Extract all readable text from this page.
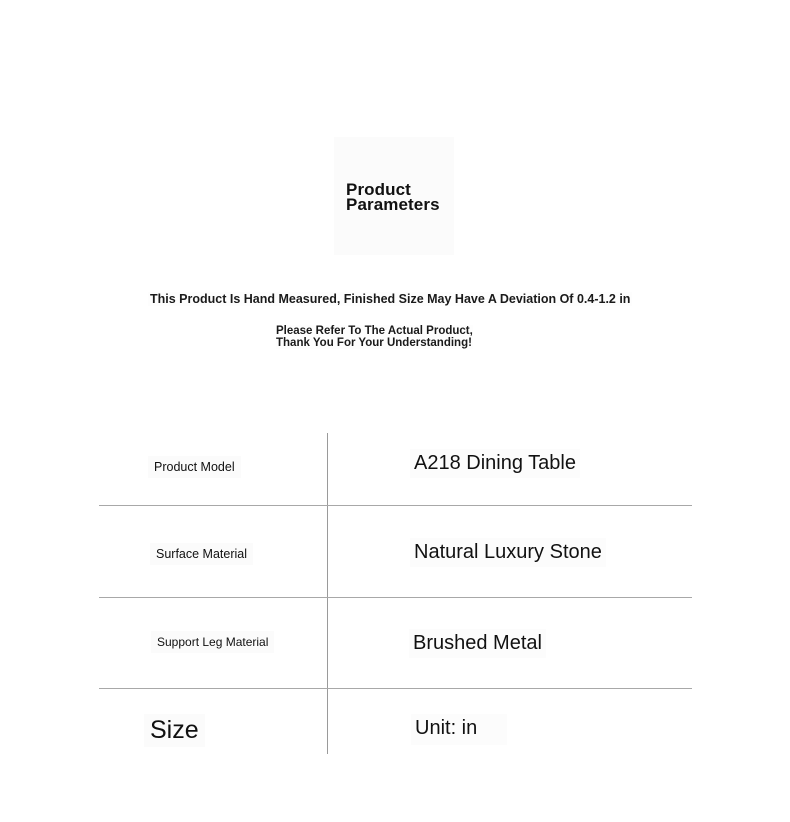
Product
Parameters
This Product Is Hand Measured, Finished Size May Have A Deviation Of 0.4-1.2 in
Please Refer To The Actual Product,
Thank You For Your Understanding!
Product Model	A218 Dining Table
Surface Material	Natural Luxury Stone
Support Leg Material	Brushed Metal
Size	Unit: in
